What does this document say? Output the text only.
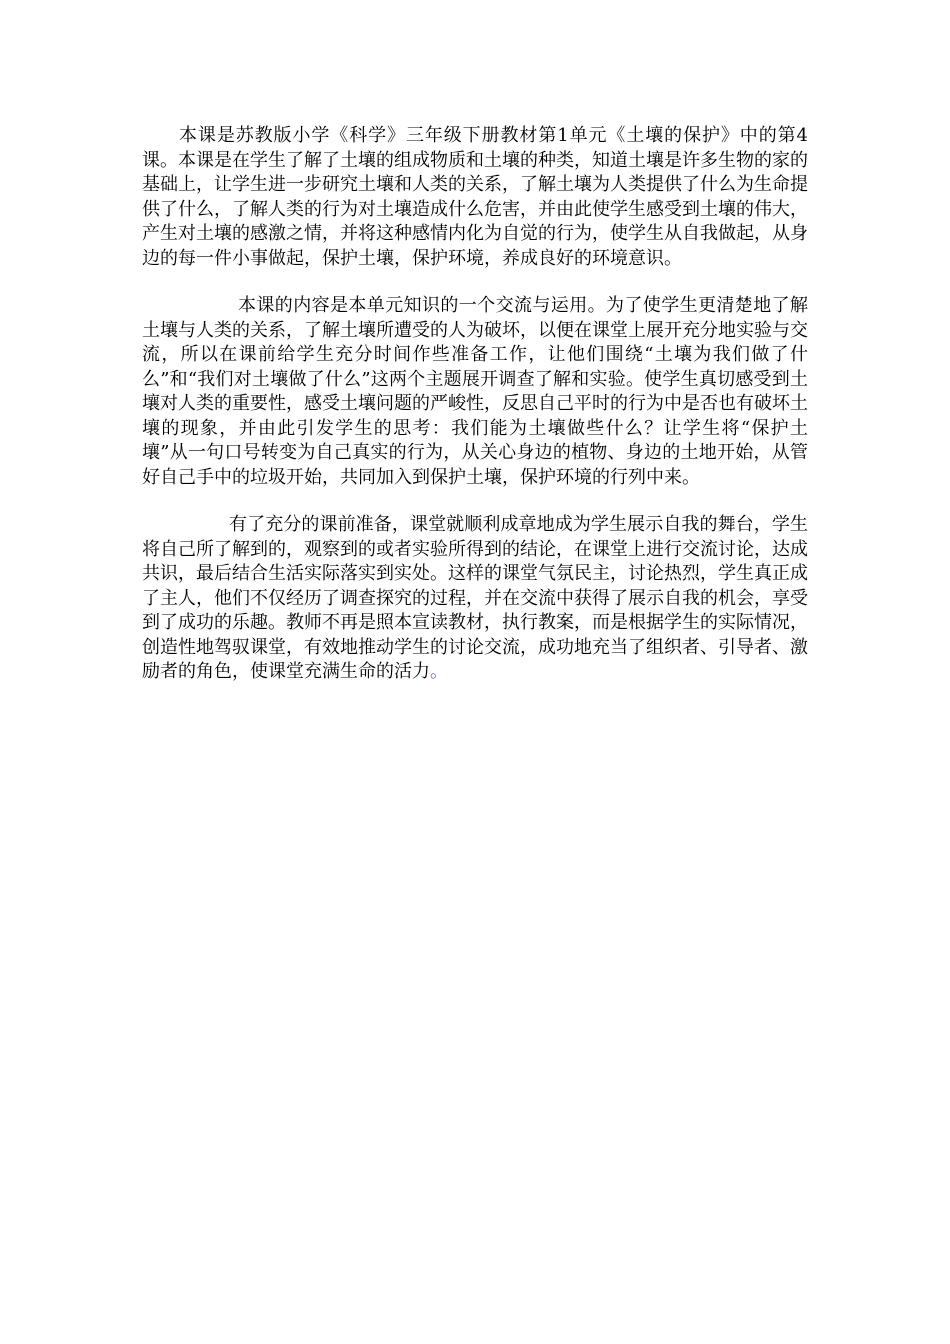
本课是苏教版小学《科学》三年级下册教材第1单元《土壤的保护》中的第4课。本课是在学生了解了土壤的组成物质和土壤的种类，知道土壤是许多生物的家的基础上，让学生进一步研究土壤和人类的关系，了解土壤为人类提供了什么为生命提供了什么，了解人类的行为对土壤造成什么危害，并由此使学生感受到土壤的伟大，产生对土壤的感激之情，并将这种感情内化为自觉的行为，使学生从自我做起，从身边的每一件小事做起，保护土壤，保护环境，养成良好的环境意识。

本课的内容是本单元知识的一个交流与运用。为了使学生更清楚地了解土壤与人类的关系，了解土壤所遭受的人为破坏，以便在课堂上展开充分地实验与交流，所以在课前给学生充分时间作些准备工作，让他们围绕“土壤为我们做了什么”和“我们对土壤做了什么”这两个主题展开调查了解和实验。使学生真切感受到土壤对人类的重要性，感受土壤问题的严峻性，反思自己平时的行为中是否也有破坏土壤的现象，并由此引发学生的思考：我们能为土壤做些什么？让学生将“保护土壤”从一句口号转变为自己真实的行为，从关心身边的植物、身边的土地开始，从管好自己手中的垃圾开始，共同加入到保护土壤，保护环境的行列中来。

有了充分的课前准备，课堂就顺利成章地成为学生展示自我的舞台，学生将自己所了解到的，观察到的或者实验所得到的结论，在课堂上进行交流讨论，达成共识，最后结合生活实际落实到实处。这样的课堂气氛民主，讨论热烈，学生真正成了主人，他们不仅经历了调查探究的过程，并在交流中获得了展示自我的机会，享受到了成功的乐趣。教师不再是照本宣读教材，执行教案，而是根据学生的实际情况，创造性地驾驭课堂，有效地推动学生的讨论交流，成功地充当了组织者、引导者、激励者的角色，使课堂充满生命的活力。
